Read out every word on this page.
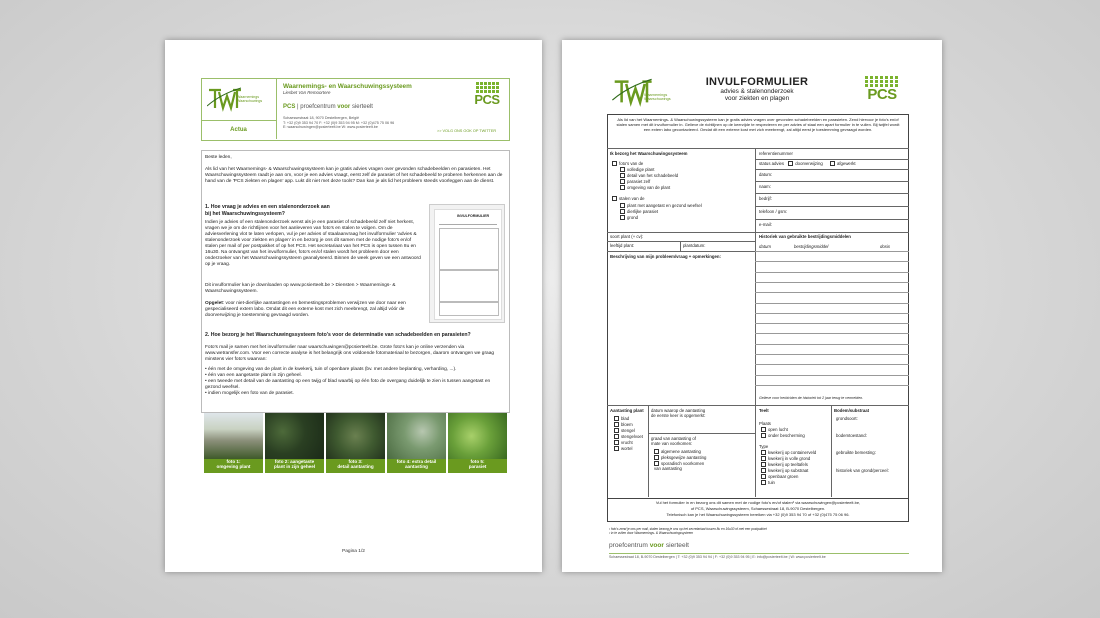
Waarnemings
Waarschuwings
Actua
Waarnemings- en Waarschuwingssysteem
Liesbet Van Remoortere
PCS | proefcentrum voor sierteelt
Schaessestraat 18, 9070 Destelbergen, België
T: +32 (0)9 353 94 70 F: +32 (0)9 353 94 95 M: +32 (0)475 75 06 96
E: waarschuwingen@pcsierteelt.be W: www.pcsierteelt.be
PCS
>> VOLG ONS OOK OP TWITTER
Beste leden,
Als lid van het Waarnemings- & Waarschuwingssysteem kan je gratis advies vragen over gevonden schadebeelden en parasieten. Het Waarschuwingssysteem raadt je aan om, voor je een advies vraagt, eerst zelf de parasiet of het schadebeeld te proberen herkennen aan de hand van de 'PCS ziekten en plagen' app. Lukt dit niet met deze tools? Dan kan je als lid het probleem steeds voorleggen aan de dienst.
1. Hoe vraag je advies en een stalenonderzoek aan
bij het Waarschuwingssysteem?
Indien je advies of een stalenonderzoek wenst als je een parasiet of schadebeeld zelf niet herkent, vragen we je om de richtlijnen voor het aanleveren van foto's en stalen te volgen. Om de adviesverlening vlot te laten verlopen, vul je per advies of staalaanvraag het invulformulier 'advies & stalenonderzoek voor ziekten en plagen' in en bezorg je ons dit samen met de nodige foto's en/of stalen per mail of per postpakket of op het PCS. Het secretariaat van het PCS is open tussen 8u en 16u30. Na ontvangst van het invulformulier, foto's en/of stalen wordt het probleem door een onderzoeker van het Waarschuwingssysteem geanalyseerd. Binnen de week geven we een antwoord op je vraag.
Dit invulformulier kan je downloaden op www.pcsierteelt.be > Diensten > Waarnemings- & Waarschuwingssysteem.
Opgelet: voor niet-dierlijke aantastingen en bemestingsproblemen verwijzen we door naar een gespecialiseerd extern labo. Omdat dit een externe kost met zich meebrengt, zal altijd vóór de doorverwijzing je toestemming gevraagd worden.
INVULFORMULIER
2. Hoe bezorg je het Waarschuwingssysteem foto's voor de determinatie van schadebeelden en parasieten?
Foto's mail je samen met het invulformulier naar waarschuwingen@pcsierteelt.be. Grote foto's kan je online verzenden via www.wetransfer.com. Voor een correcte analyse is het belangrijk ons voldoende fotomateriaal te bezorgen, daarom ontvangen we graag minstens vier foto's waarvan:
• één met de omgeving van de plant in de kwekerij, tuin of openbare plaats (bv. met andere beplanting, verharding, ...).
• één van een aangetaste plant in zijn geheel.
• een tweede met detail van de aantasting op een twijg of blad waarbij op één foto de overgang duidelijk te zien is tussen aangetast en gezond weefsel.
• indien mogelijk een foto van de parasiet.
foto 1:
omgeving plant
foto 2: aangetaste
plant in zijn geheel
foto 3:
detail aantasting
foto 4: extra detail
aantasting
foto 5:
parasiet
Pagina 1/2
Waarnemings
Waarschuwings
INVULFORMULIER
advies & stalenonderzoek
voor ziekten en plagen	PCS
Als lid van het Waarnemings- & Waarschuwingssysteem kan je gratis advies vragen over gevonden schadebeelden en parasieten. Zend hiervoor je foto's en/of stalen samen met dit invulformulier in. Gelieve de richtlijnen op de keerzijde te respecteren en per advies of staal een apart formulier in te vullen. Bij twijfel wordt een extern labo gecontacteerd. Omdat dit een externe kost met zich meebrengt, zal altijd eerst je toestemming gevraagd worden.
Ik bezorg het Waarschuwingssysteem
foto's van de
volledige plant
detail van het schadebeeld
parasiet zelf
omgeving van de plant
stalen van de
plant met aangetast en gezond weefsel
dierlijke parasiet
grond
referentienummer
status advies	doorverwijzing	afgewerkt
datum:
naam:
bedrijf:
telefoon / gsm:
e-mail:
soort plant (+ cv):
leeftijd plant:	plantdatum:
Historiek van gebruikte bestrijdingsmiddelen
datum	bestrijdingsmiddel	dosis
Gelieve voor herbiciden de historiek tot 2 jaar terug te vermelden.
Beschrijving van mijn probleem/vraag + opmerkingen:
Aantasting plant
blad
bloem
stengel
stengelvoet
vrucht
wortel
datum waarop de aantasting
de eerste keer is opgemerkt:
graad van aantasting of
mate van voorkomen:
algemene aantasting
pleksgewijze aantasting
sporadisch voorkomen van aantasting
Teelt
Plaats
open lucht
onder bescherming
Type
kwekerij op containerveld
kwekerij in volle grond
kwekerij op teeltafels
kwekerij op substraat
openbaar groen
tuin
Bodem/substraat
grondsoort:
bodemtoestand:
gebruikte bemesting:
historiek van grond/perceel:
Vul het formulier in en bezorg ons dit samen met de nodige foto's en/of stalen² via waarschuwingen@pcsierteelt.be,
of PCS, Waarschuwingssysteem, Schaessestraat 18, B-9070 Destelbergen.
Telefonisch kan je het Waarschuwingssysteem bereiken via +32 (0)9 353 94 70 of +32 (0)475 75 06 96.
¹ foto's zend je ons per mail, stalen bezorg je ons op het secretariaat tussen 8u en 16u30 of met een postpakket
² in te vullen door Waarnemings- & Waarschuwingssysteem
proefcentrum voor sierteelt
Schaessestraat 18, B-9070 Destelbergen | T: +32 (0)9 353 94 94 | F: +32 (0)9 353 94 95 | E: info@pcsierteelt.be | W: www.pcsierteelt.be
